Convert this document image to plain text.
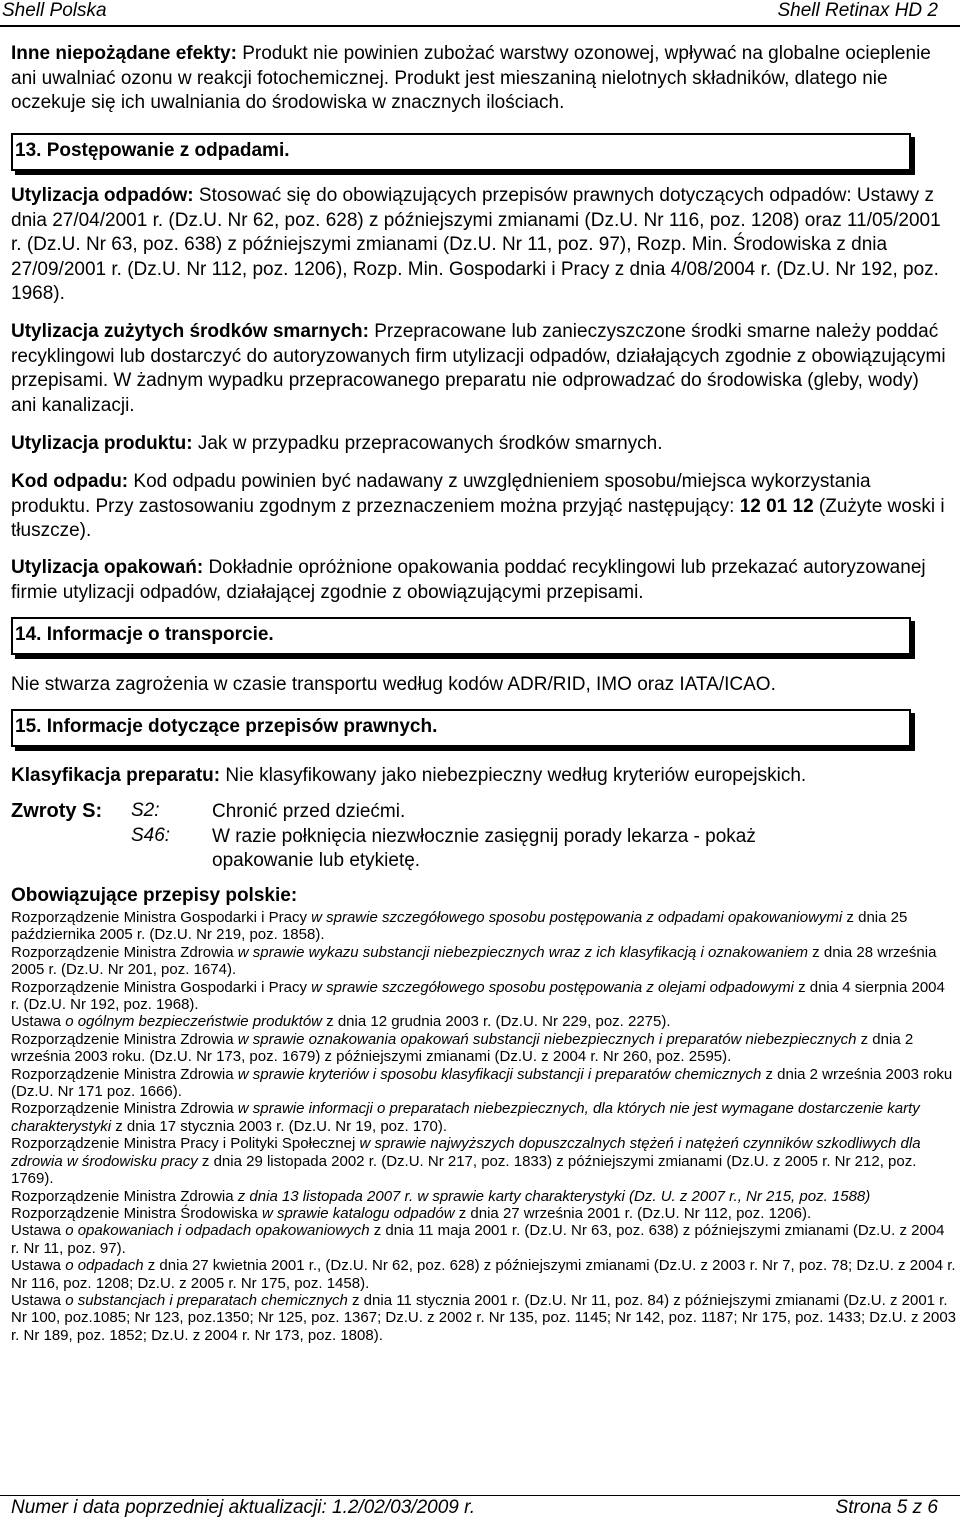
Shell Polska	Shell Retinax HD 2

Inne niepożądane efekty: Produkt nie powinien zubożać warstwy ozonowej, wpływać na globalne ocieplenie ani uwalniać ozonu w reakcji fotochemicznej. Produkt jest mieszaniną nielotnych składników, dlatego nie oczekuje się ich uwalniania do środowiska w znacznych ilościach.

13. Postępowanie z odpadami.

Utylizacja odpadów: Stosować się do obowiązujących przepisów prawnych dotyczących odpadów: Ustawy z dnia 27/04/2001 r. (Dz.U. Nr 62, poz. 628) z późniejszymi zmianami (Dz.U. Nr 116, poz. 1208) oraz 11/05/2001 r. (Dz.U. Nr 63, poz. 638) z późniejszymi zmianami (Dz.U. Nr 11, poz. 97), Rozp. Min. Środowiska z dnia 27/09/2001 r. (Dz.U. Nr 112, poz. 1206), Rozp. Min. Gospodarki i Pracy z dnia 4/08/2004 r. (Dz.U. Nr 192, poz. 1968).

Utylizacja zużytych środków smarnych: Przepracowane lub zanieczyszczone środki smarne należy poddać recyklingowi lub dostarczyć do autoryzowanych firm utylizacji odpadów, działających zgodnie z obowiązującymi przepisami. W żadnym wypadku przepracowanego preparatu nie odprowadzać do środowiska (gleby, wody) ani kanalizacji.

Utylizacja produktu: Jak w przypadku przepracowanych środków smarnych.

Kod odpadu: Kod odpadu powinien być nadawany z uwzględnieniem sposobu/miejsca wykorzystania produktu. Przy zastosowaniu zgodnym z przeznaczeniem można przyjąć następujący: 12 01 12 (Zużyte woski i tłuszcze).

Utylizacja opakowań: Dokładnie opróżnione opakowania poddać recyklingowi lub przekazać autoryzowanej firmie utylizacji odpadów, działającej zgodnie z obowiązującymi przepisami.

14. Informacje o transporcie.

Nie stwarza zagrożenia w czasie transportu według kodów ADR/RID, IMO oraz IATA/ICAO.

15. Informacje dotyczące przepisów prawnych.

Klasyfikacja preparatu: Nie klasyfikowany jako niebezpieczny według kryteriów europejskich.

Zwroty S: S2:	Chronić przed dziećmi.
S46: W razie połknięcia niezwłocznie zasięgnij porady lekarza - pokaż opakowanie lub etykietę.

Obowiązujące przepisy polskie:

Rozporządzenie Ministra Gospodarki i Pracy w sprawie szczegółowego sposobu postępowania z odpadami opakowaniowymi z dnia 25 października 2005 r. (Dz.U. Nr 219, poz. 1858).

Rozporządzenie Ministra Zdrowia w sprawie wykazu substancji niebezpiecznych wraz z ich klasyfikacją i oznakowaniem z dnia 28 września 2005 r. (Dz.U. Nr 201, poz. 1674).

Rozporządzenie Ministra Gospodarki i Pracy w sprawie szczegółowego sposobu postępowania z olejami odpadowymi z dnia 4 sierpnia 2004 r. (Dz.U. Nr 192, poz. 1968).

Ustawa o ogólnym bezpieczeństwie produktów z dnia 12 grudnia 2003 r. (Dz.U. Nr 229, poz. 2275).

Rozporządzenie Ministra Zdrowia w sprawie oznakowania opakowań substancji niebezpiecznych i preparatów niebezpiecznych z dnia 2 września 2003 roku. (Dz.U. Nr 173, poz. 1679) z późniejszymi zmianami (Dz.U. z 2004 r. Nr 260, poz. 2595).

Rozporządzenie Ministra Zdrowia w sprawie kryteriów i sposobu klasyfikacji substancji i preparatów chemicznych z dnia 2 września 2003 roku (Dz.U. Nr 171 poz. 1666).

Rozporządzenie Ministra Zdrowia w sprawie informacji o preparatach niebezpiecznych, dla których nie jest wymagane dostarczenie karty charakterystyki z dnia 17 stycznia 2003 r. (Dz.U. Nr 19, poz. 170).

Rozporządzenie Ministra Pracy i Polityki Społecznej w sprawie najwyższych dopuszczalnych stężeń i natężeń czynników szkodliwych dla zdrowia w środowisku pracy z dnia 29 listopada 2002 r. (Dz.U. Nr 217, poz. 1833) z późniejszymi zmianami (Dz.U. z 2005 r. Nr 212, poz. 1769).

Rozporządzenie Ministra Zdrowia z dnia 13 listopada 2007 r. w sprawie karty charakterystyki (Dz. U. z 2007 r., Nr 215, poz. 1588)

Rozporządzenie Ministra Środowiska w sprawie katalogu odpadów z dnia 27 września 2001 r. (Dz.U. Nr 112, poz. 1206).

Ustawa o opakowaniach i odpadach opakowaniowych z dnia 11 maja 2001 r. (Dz.U. Nr 63, poz. 638) z późniejszymi zmianami (Dz.U. z 2004 r. Nr 11, poz. 97).

Ustawa o odpadach z dnia 27 kwietnia 2001 r., (Dz.U. Nr 62, poz. 628) z późniejszymi zmianami (Dz.U. z 2003 r. Nr 7, poz. 78; Dz.U. z 2004 r. Nr 116, poz. 1208; Dz.U. z 2005 r. Nr 175, poz. 1458).

Ustawa o substancjach i preparatach chemicznych z dnia 11 stycznia 2001 r. (Dz.U. Nr 11, poz. 84) z późniejszymi zmianami (Dz.U. z 2001 r. Nr 100, poz.1085; Nr 123, poz.1350; Nr 125, poz. 1367; Dz.U. z 2002 r. Nr 135, poz. 1145; Nr 142, poz. 1187; Nr 175, poz. 1433; Dz.U. z 2003 r. Nr 189, poz. 1852; Dz.U. z 2004 r. Nr 173, poz. 1808).

Numer i data poprzedniej aktualizacji: 1.2/02/03/2009 r.	Strona 5 z 6
